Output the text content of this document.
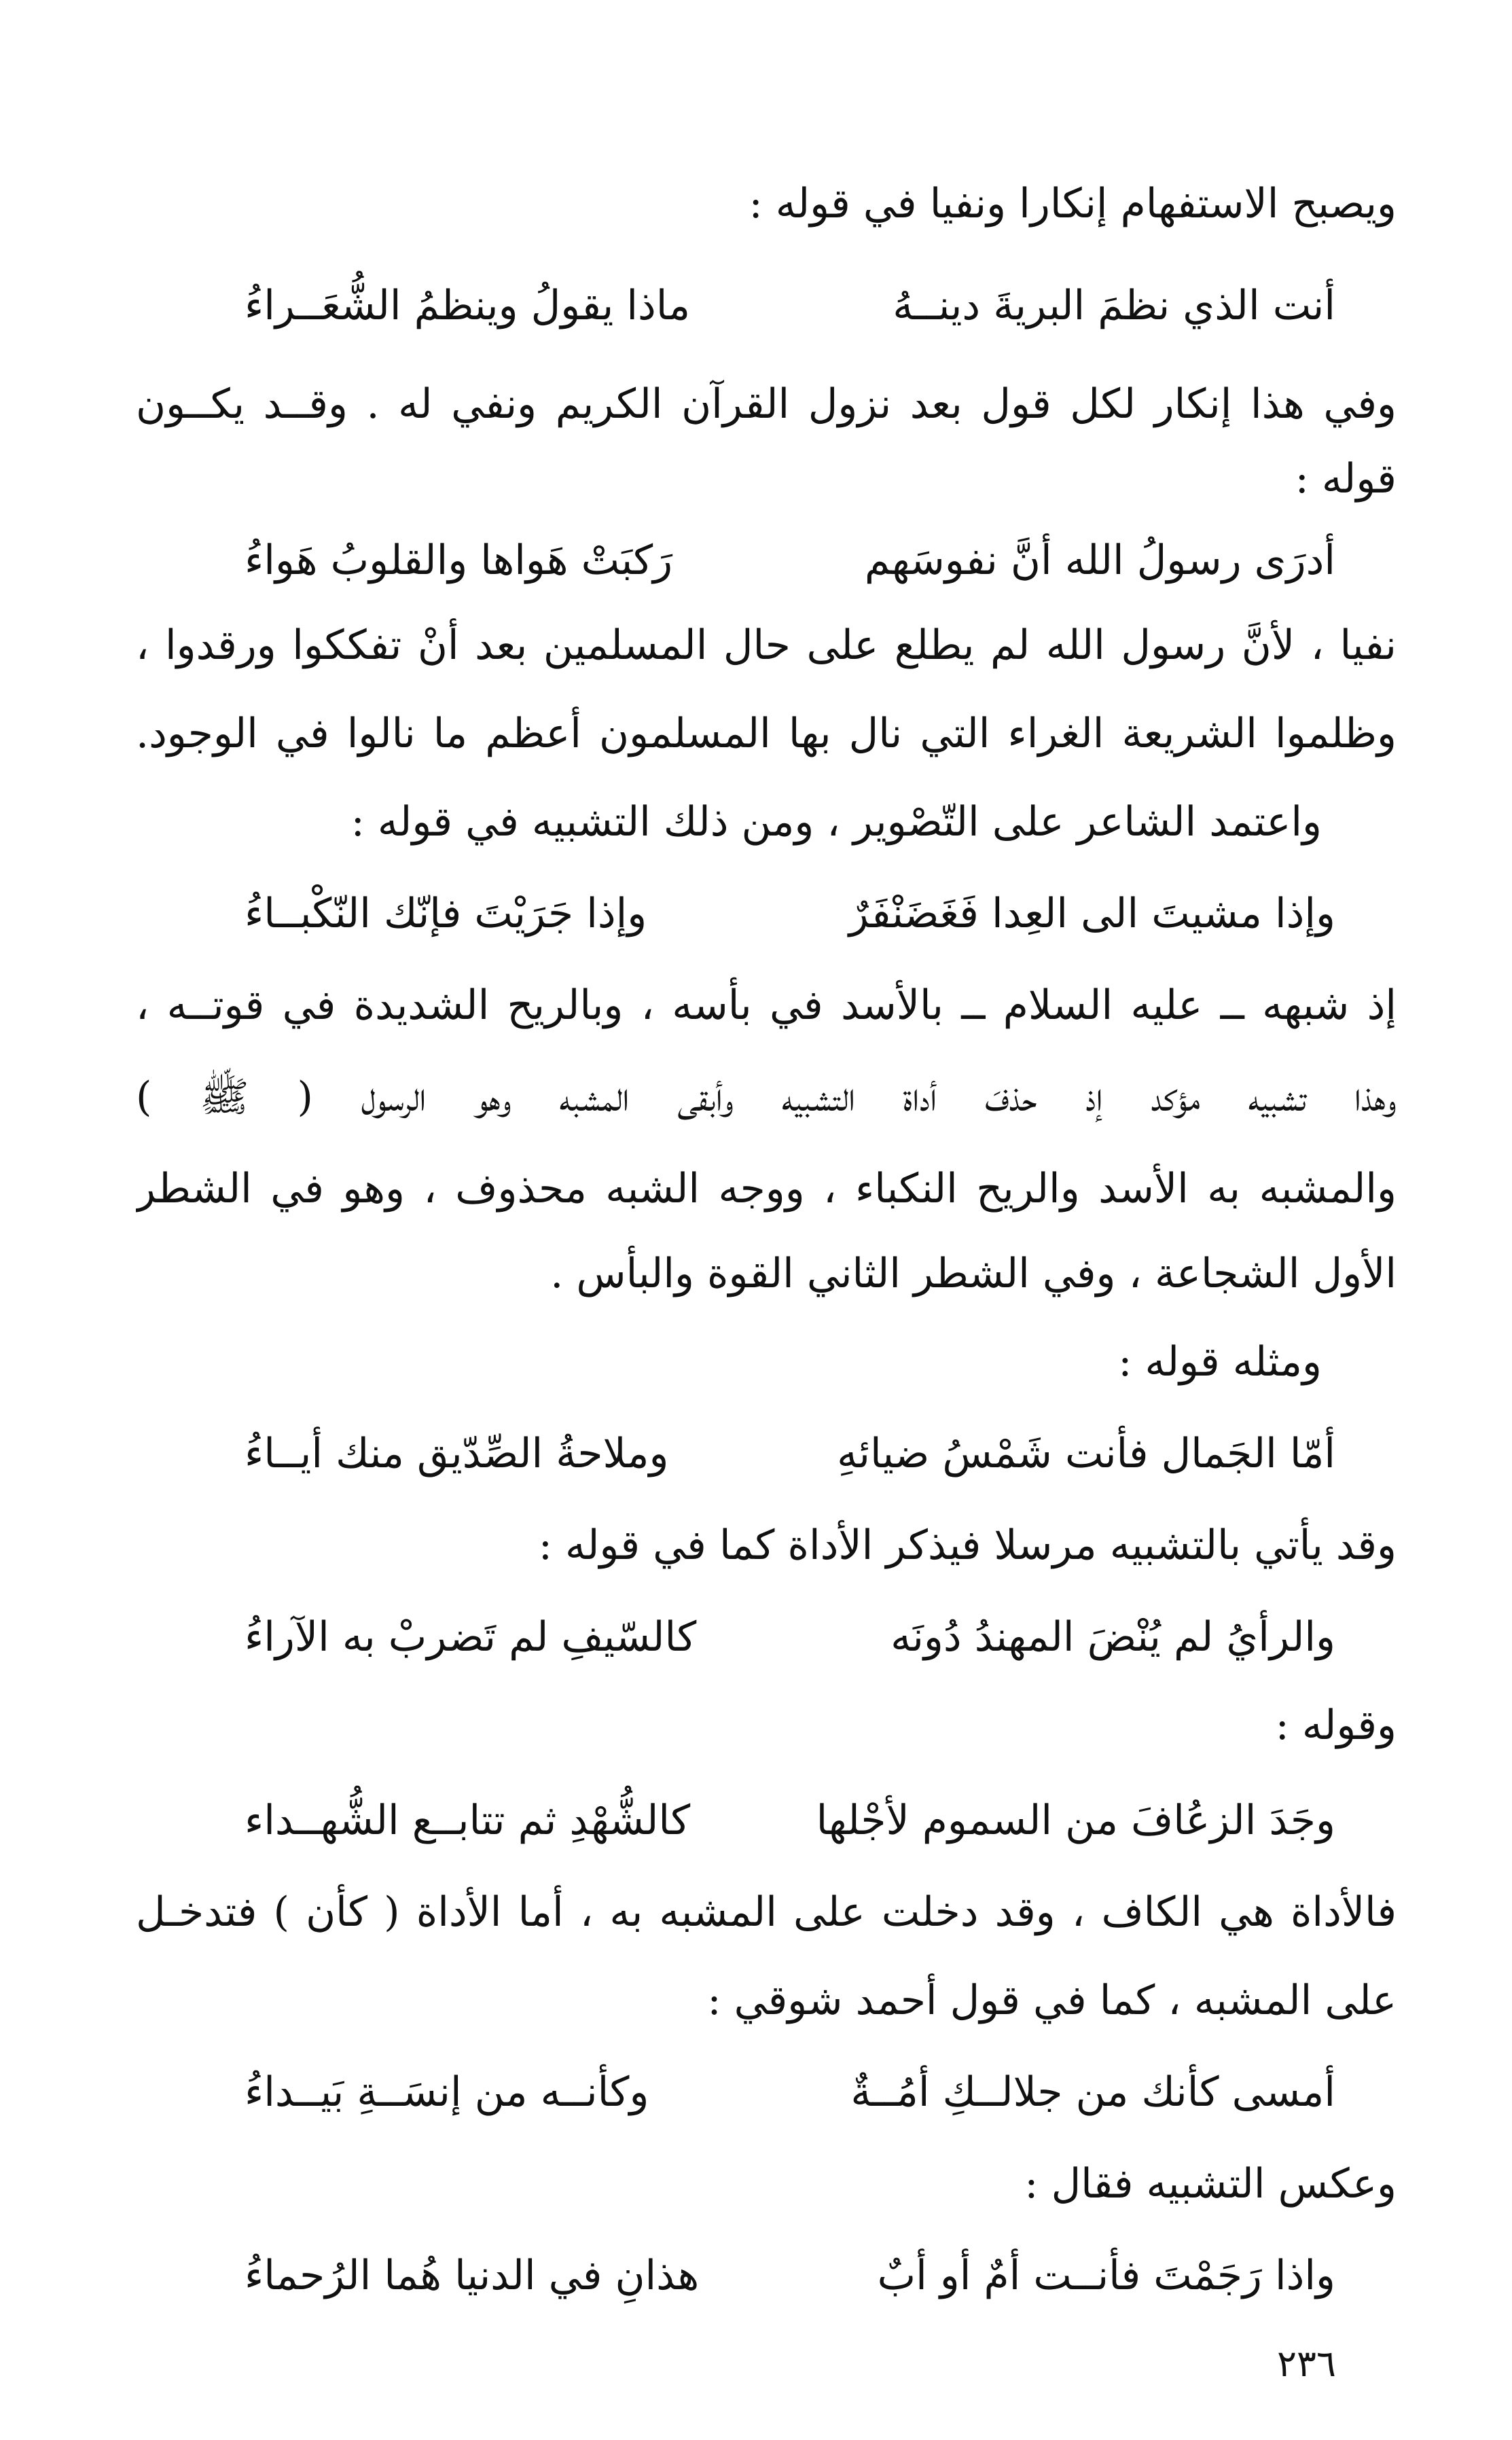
ويصبح الاستفهام إنكارا ونفيا في قوله :
أنت الذي نظمَ البريةَ دينــهُ
ماذا يقولُ وينظمُ الشُّعَــراءُ
وفي هذا إنكار لكل قول بعد نزول القرآن الكريم ونفي له . وقــد يكــون
قوله :
أدرَى رسولُ الله أنَّ نفوسَهم
رَكبَتْ هَواها والقلوبُ هَواءُ
نفيا ، لأنَّ رسول الله لم يطلع على حال المسلمين بعد أنْ تفككوا ورقدوا ،
وظلموا الشريعة الغراء التي نال بها المسلمون أعظم ما نالوا في الوجود.
واعتمد الشاعر على التّصْوير ، ومن ذلك التشبيه في قوله :
وإذا مشيتَ الى العِدا فَغَضَنْفَرٌ
وإذا جَرَيْتَ فإنّك النّكْبــاءُ
إذ شبهه ــ عليه السلام ــ بالأسد في بأسه ، وبالريح الشديدة في قوتــه ،
وهذا تشبيه مؤكد إذ حذفَ أداة التشبيه وأبقى المشبه وهو الرسول ( ﷺ )
والمشبه به الأسد والريح النكباء ، ووجه الشبه محذوف ، وهو في الشطر
الأول الشجاعة ، وفي الشطر الثاني القوة والبأس .
ومثله قوله :
أمّا الجَمال فأنت شَمْسُ ضيائهِ
وملاحةُ الصِّدّيق منك أيــاءُ
وقد يأتي بالتشبيه مرسلا فيذكر الأداة كما في قوله :
والرأيُ لم يُنْضَ المهندُ دُونَه
كالسّيفِ لم تَضربْ به الآراءُ
وقوله :
وجَدَ الزعُافَ من السموم لأجْلها
كالشُّهْدِ ثم تتابــع الشُّهــداء
فالأداة هي الكاف ، وقد دخلت على المشبه به ، أما الأداة ( كأن ) فتدخـل
على المشبه ، كما في قول أحمد شوقي :
أمسى كأنك من جلالــكِ أمُــةٌ
وكأنــه من إنسَــةِ بَيــداءُ
وعكس التشبيه فقال :
واذا رَجَمْتَ فأنــت أمٌ أو أبٌ
هذانِ في الدنيا هُما الرُحماءُ
٢٣٦
